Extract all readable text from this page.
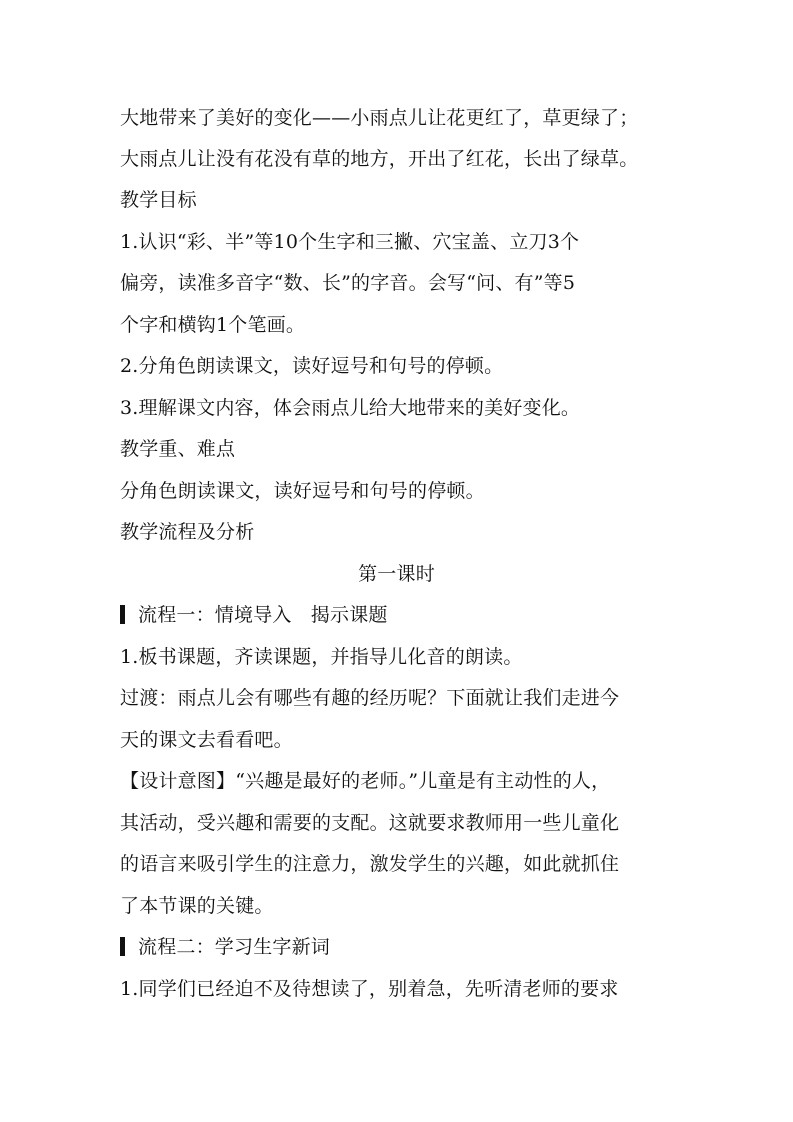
大地带来了美好的变化——小雨点儿让花更红了，草更绿了；
大雨点儿让没有花没有草的地方，开出了红花，长出了绿草。
教学目标
1.认识“彩、半”等10个生字和三撇、穴宝盖、立刀3个
偏旁，读准多音字“数、长”的字音。会写“问、有”等5
个字和横钩1个笔画。
2.分角色朗读课文，读好逗号和句号的停顿。
3.理解课文内容，体会雨点儿给大地带来的美好变化。
教学重、难点
分角色朗读课文，读好逗号和句号的停顿。
教学流程及分析
第一课时
流程一：情境导入　揭示课题
1.板书课题，齐读课题，并指导儿化音的朗读。
过渡：雨点儿会有哪些有趣的经历呢？下面就让我们走进今
天的课文去看看吧。
【设计意图】“兴趣是最好的老师。”儿童是有主动性的人，
其活动，受兴趣和需要的支配。这就要求教师用一些儿童化
的语言来吸引学生的注意力，激发学生的兴趣，如此就抓住
了本节课的关键。
流程二：学习生字新词
1.同学们已经迫不及待想读了，别着急，先听清老师的要求
